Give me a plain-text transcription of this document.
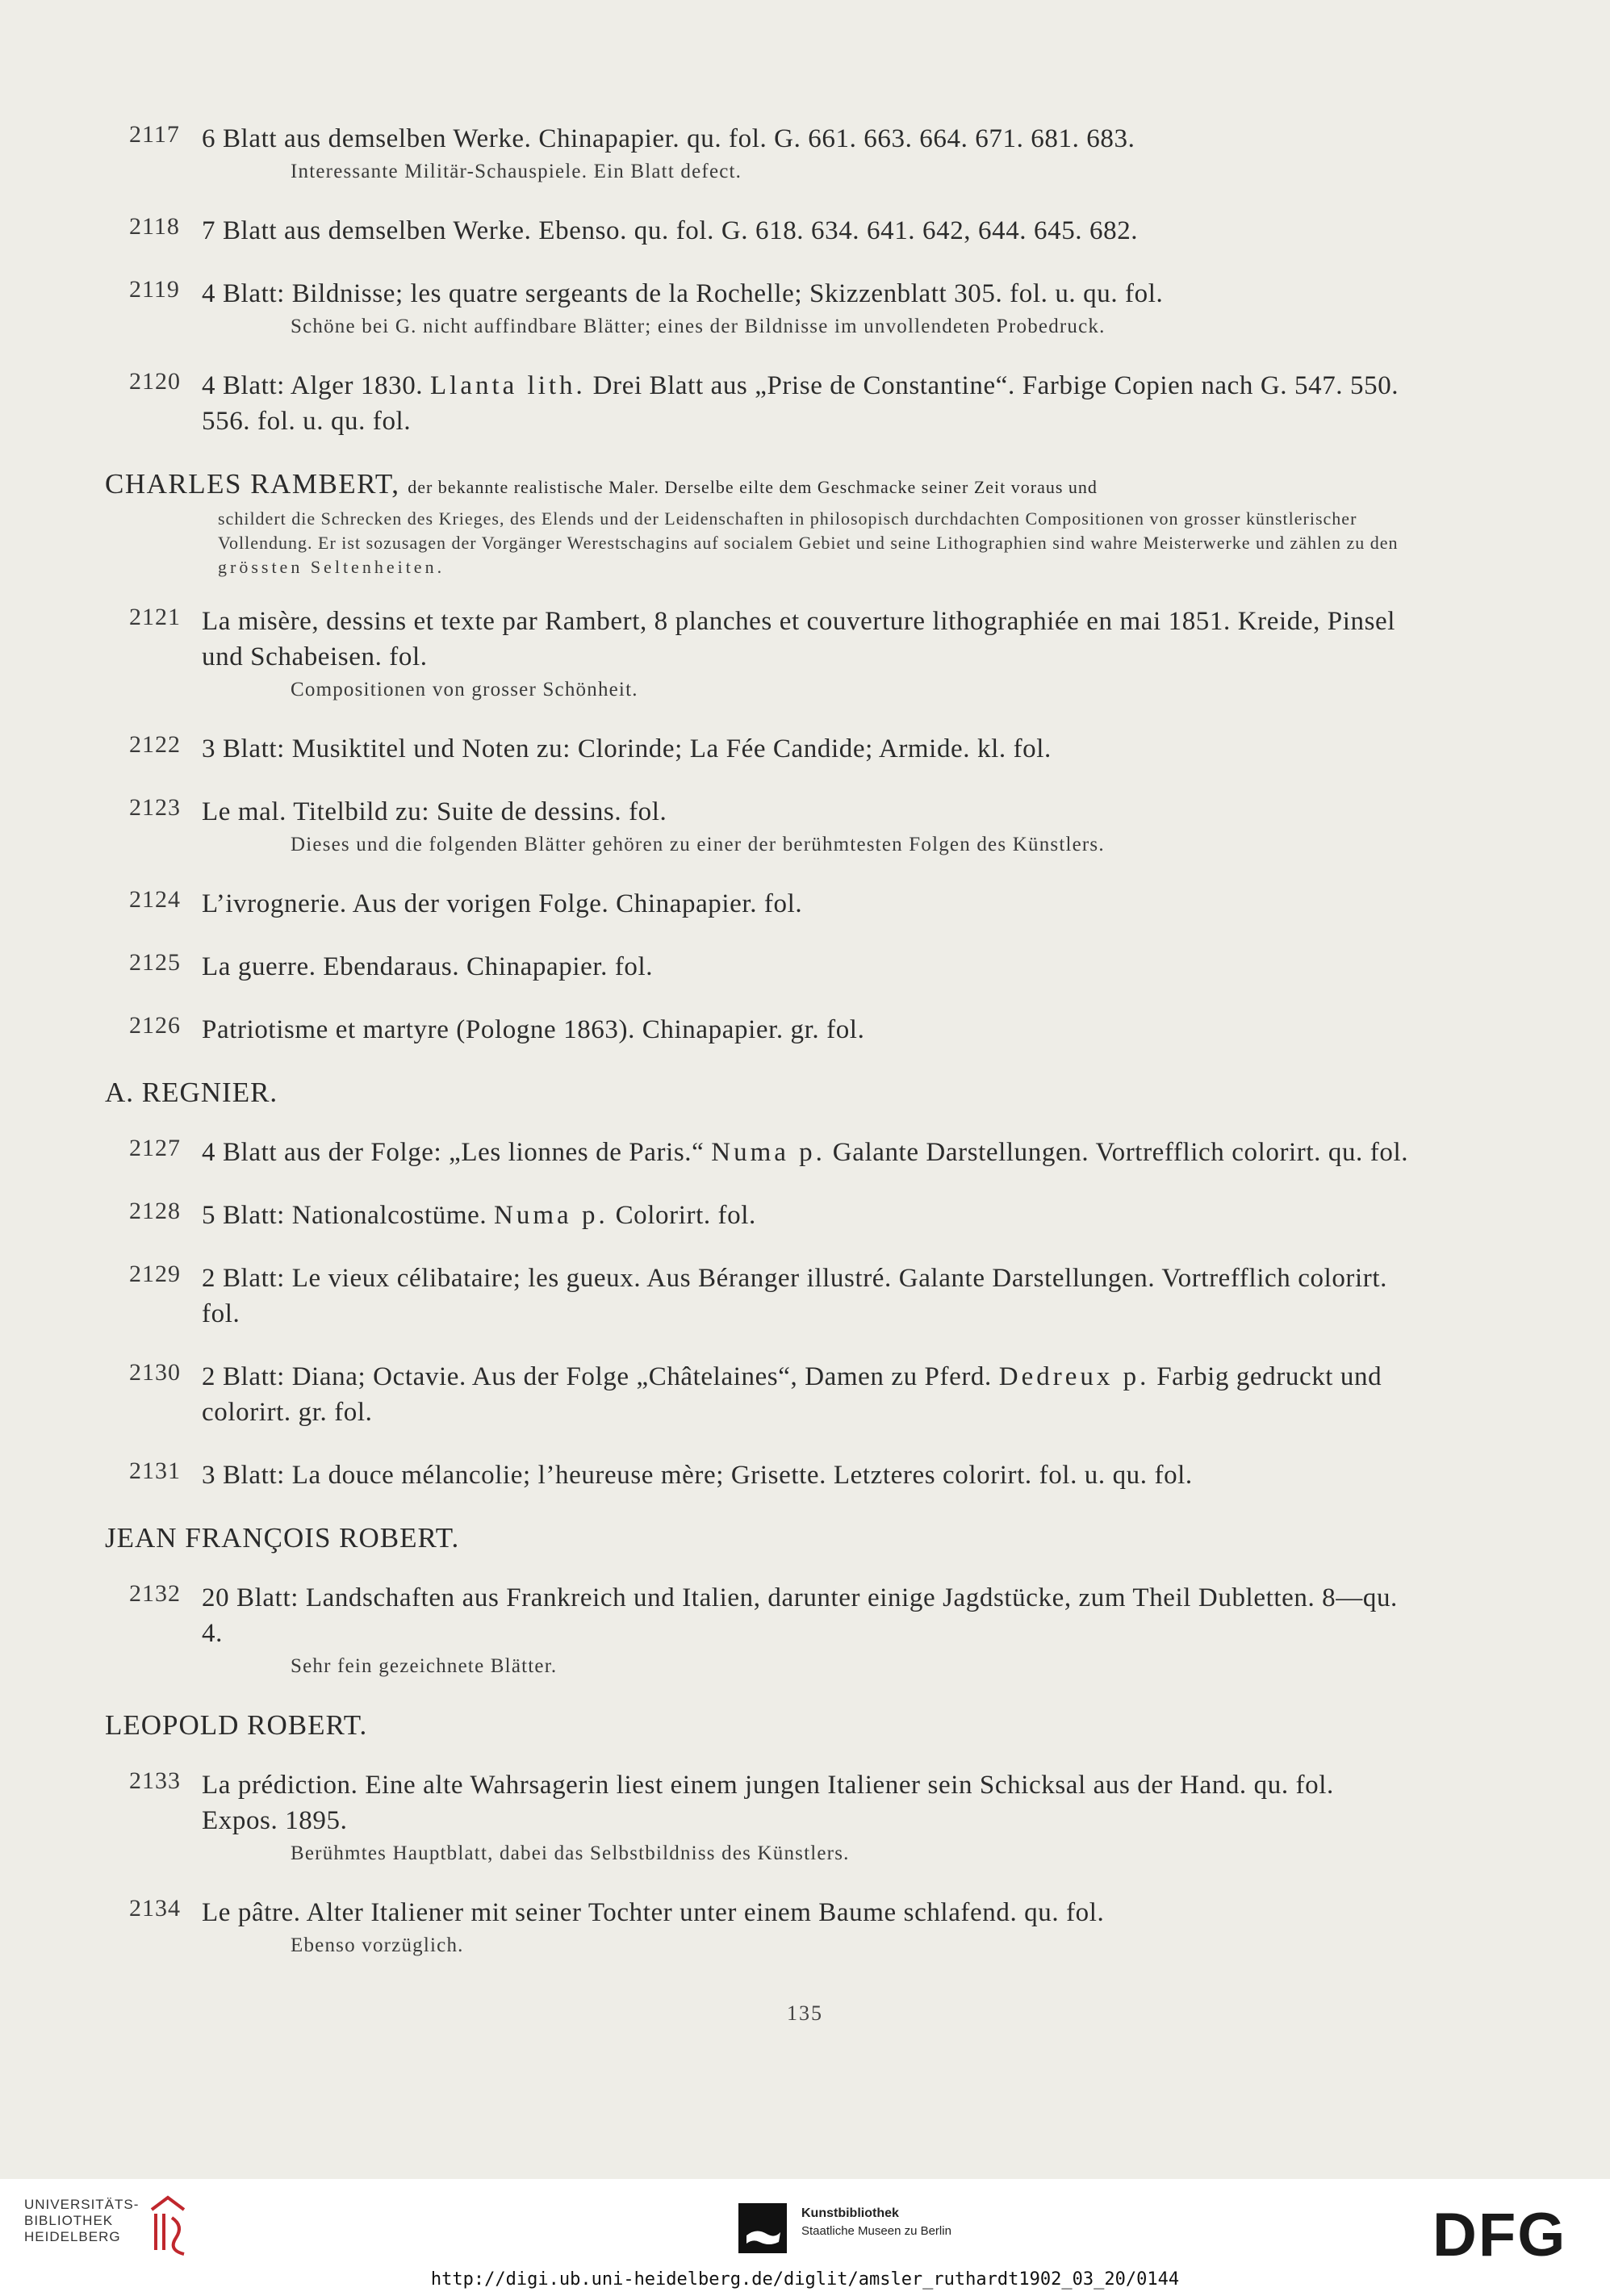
2117 6 Blatt aus demselben Werke. Chinapapier. qu. fol. G. 661. 663. 664. 671. 681. 683.
Interessante Militär-Schauspiele. Ein Blatt defect.
2118 7 Blatt aus demselben Werke. Ebenso. qu. fol. G. 618. 634. 641. 642, 644. 645. 682.
2119 4 Blatt: Bildnisse; les quatre sergeants de la Rochelle; Skizzenblatt 305. fol. u. qu. fol.
Schöne bei G. nicht auffindbare Blätter; eines der Bildnisse im unvollendeten Probedruck.
2120 4 Blatt: Alger 1830. Llanta lith. Drei Blatt aus „Prise de Constantine“. Farbige Copien nach G. 547. 550. 556. fol. u. qu. fol.
CHARLES RAMBERT, der bekannte realistische Maler. Derselbe eilte dem Geschmacke seiner Zeit voraus und
schildert die Schrecken des Krieges, des Elends und der Leidenschaften in philosopisch durchdachten Compositionen von grosser künstlerischer Vollendung. Er ist sozusagen der Vorgänger Werestschagins auf socialem Gebiet und seine Lithographien sind wahre Meisterwerke und zählen zu den grössten Seltenheiten.
2121 La misère, dessins et texte par Rambert, 8 planches et couverture lithographiée en mai 1851. Kreide, Pinsel und Schabeisen. fol.
Compositionen von grosser Schönheit.
2122 3 Blatt: Musiktitel und Noten zu: Clorinde; La Fée Candide; Armide. kl. fol.
2123 Le mal. Titelbild zu: Suite de dessins. fol.
Dieses und die folgenden Blätter gehören zu einer der berühmtesten Folgen des Künstlers.
2124 L’ivrognerie. Aus der vorigen Folge. Chinapapier. fol.
2125 La guerre. Ebendaraus. Chinapapier. fol.
2126 Patriotisme et martyre (Pologne 1863). Chinapapier. gr. fol.
A. REGNIER.
2127 4 Blatt aus der Folge: „Les lionnes de Paris.“ Numa p. Galante Darstellungen. Vortrefflich colorirt. qu. fol.
2128 5 Blatt: Nationalcostüme. Numa p. Colorirt. fol.
2129 2 Blatt: Le vieux célibataire; les gueux. Aus Béranger illustré. Galante Darstellungen. Vortrefflich colorirt. fol.
2130 2 Blatt: Diana; Octavie. Aus der Folge „Châtelaines“, Damen zu Pferd. Dedreux p. Farbig gedruckt und colorirt. gr. fol.
2131 3 Blatt: La douce mélancolie; l’heureuse mère; Grisette. Letzteres colorirt. fol. u. qu. fol.
JEAN FRANÇOIS ROBERT.
2132 20 Blatt: Landschaften aus Frankreich und Italien, darunter einige Jagdstücke, zum Theil Dubletten. 8—qu. 4.
Sehr fein gezeichnete Blätter.
LEOPOLD ROBERT.
2133 La prédiction. Eine alte Wahrsagerin liest einem jungen Italiener sein Schicksal aus der Hand. qu. fol. Expos. 1895.
Berühmtes Hauptblatt, dabei das Selbstbildniss des Künstlers.
2134 Le pâtre. Alter Italiener mit seiner Tochter unter einem Baume schlafend. qu. fol.
Ebenso vorzüglich.
135
UNIVERSITÄTS-
BIBLIOTHEK
HEIDELBERG
Kunstbibliothek
Staatliche Museen zu Berlin	DFG
http://digi.ub.uni-heidelberg.de/diglit/amsler_ruthardt1902_03_20/0144
